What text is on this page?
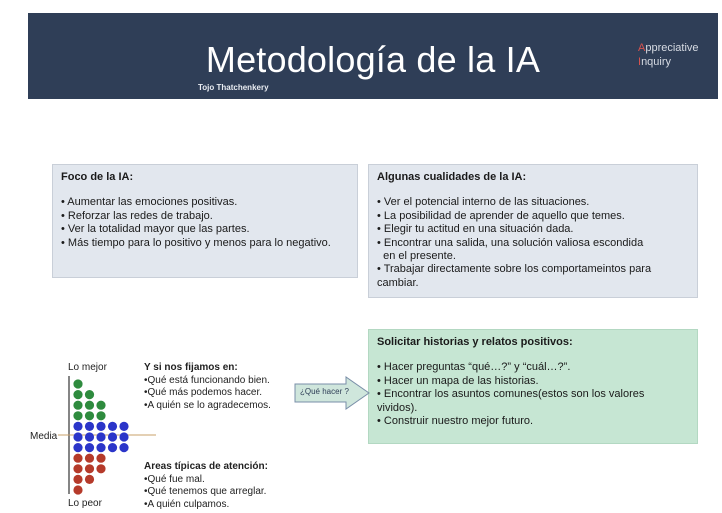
Metodología de la IA
Tojo Thatchenkery
Appreciative
Inquiry
Foco de la IA:
• Aumentar las emociones positivas.
• Reforzar las redes de trabajo.
• Ver la totalidad mayor que las partes.
• Más tiempo para lo positivo y menos para lo negativo.
Algunas cualidades de la IA:
• Ver el potencial interno de las situaciones.
• La posibilidad de aprender de aquello que temes.
• Elegir tu actitud en una situación dada.
• Encontrar una salida, una solución valiosa escondida
en el presente.
• Trabajar directamente sobre los comportameintos para
cambiar.
Solicitar historias y relatos positivos:
• Hacer preguntas “qué…?” y “cuál…?”.
• Hacer un mapa de las historias.
• Encontrar los asuntos comunes(estos son los valores
vividos).
• Construir nuestro mejor futuro.
Lo mejor
Media
Lo peor
¿Qué hacer ?
Y si nos fijamos en:
•Qué está funcionando bien.
•Qué más podemos hacer.
•A quién se lo agradecemos.
Areas típicas de atención:
•Qué fue mal.
•Qué tenemos que arreglar.
•A quién culpamos.
